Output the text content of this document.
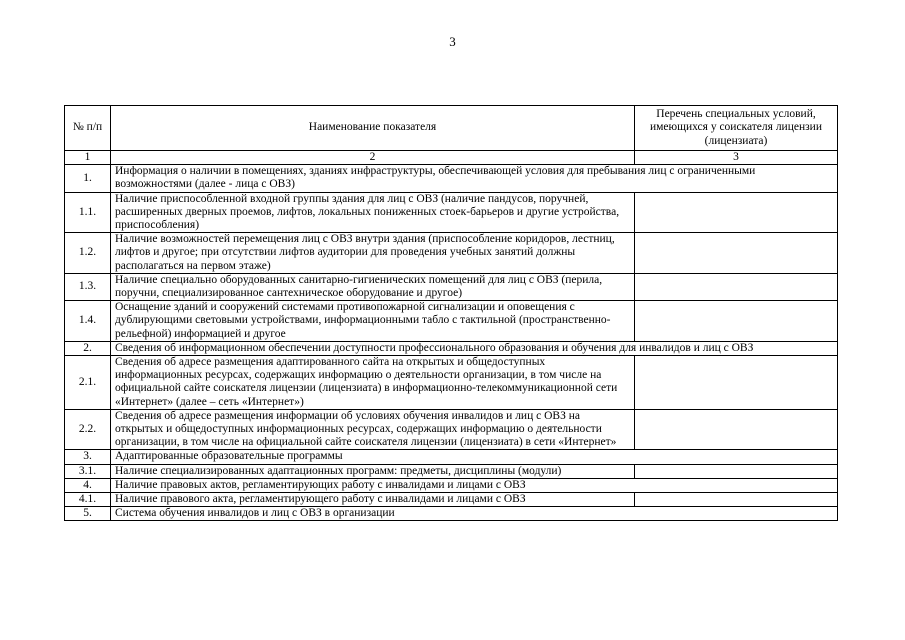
3
№ п/п	Наименование показателя	Перечень специальных условий, имеющихся у соискателя лицензии (лицензиата)
1	2	3
1.	Информация о наличии в помещениях, зданиях инфраструктуры, обеспечивающей условия для пребывания лиц с ограниченными возможностями (далее - лица с ОВЗ)	
1.1.	Наличие приспособленной входной группы здания для лиц с ОВЗ (наличие пандусов, поручней, расширенных дверных проемов, лифтов, локальных пониженных стоек-барьеров и другие устройства, приспособления)	
1.2.	Наличие возможностей перемещения лиц с ОВЗ внутри здания (приспособление коридоров, лестниц, лифтов и другое; при отсутствии лифтов аудитории для проведения учебных занятий должны располагаться на первом этаже)	
1.3.	Наличие специально оборудованных санитарно-гигиенических помещений для лиц с ОВЗ (перила, поручни, специализированное сантехническое оборудование и другое)	
1.4.	Оснащение зданий и сооружений системами противопожарной сигнализации и оповещения с дублирующими световыми устройствами, информационными табло с тактильной (пространственно-рельефной) информацией и другое	
2.	Сведения об информационном обеспечении доступности профессионального образования и обучения для инвалидов и лиц с ОВЗ	
2.1.	Сведения об адресе размещения адаптированного сайта на открытых и общедоступных информационных ресурсах, содержащих информацию о деятельности организации, в том числе на официальной сайте соискателя лицензии (лицензиата) в информационно-телекоммуникационной сети «Интернет» (далее – сеть «Интернет»)	
2.2.	Сведения об адресе размещения информации об условиях обучения инвалидов и лиц с ОВЗ на открытых и общедоступных информационных ресурсах, содержащих информацию о деятельности организации, в том числе на официальной сайте соискателя лицензии (лицензиата) в сети «Интернет»	
3.	Адаптированные образовательные программы	
3.1.	Наличие специализированных адаптационных программ: предметы, дисциплины (модули)	
4.	Наличие правовых актов, регламентирующих работу с инвалидами и лицами с ОВЗ	
4.1.	Наличие правового акта, регламентирующего работу с инвалидами и лицами с ОВЗ	
5.	Система обучения инвалидов и лиц с ОВЗ в организации	
